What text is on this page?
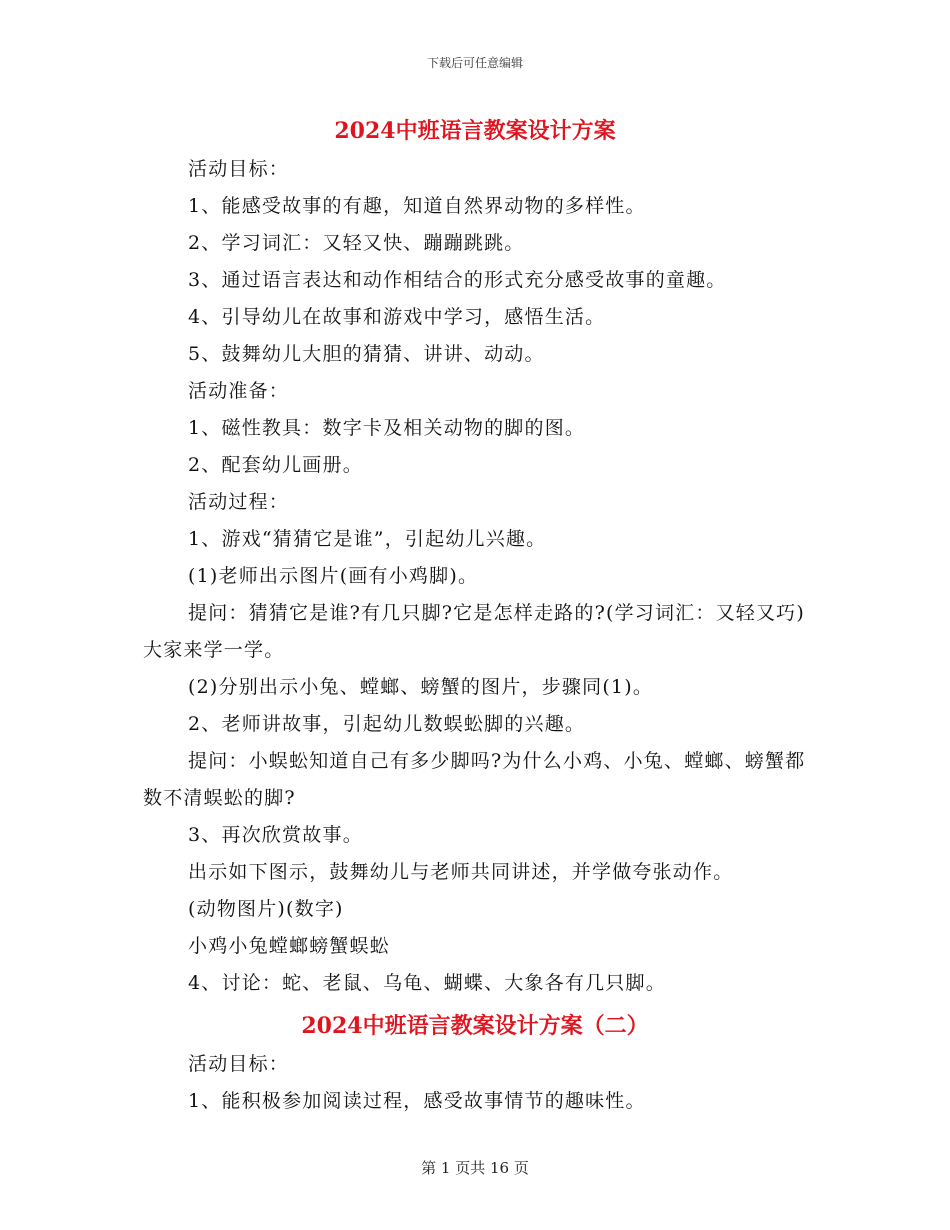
下载后可任意编辑
2024中班语言教案设计方案
活动目标：
1、能感受故事的有趣，知道自然界动物的多样性。
2、学习词汇：又轻又快、蹦蹦跳跳。
3、通过语言表达和动作相结合的形式充分感受故事的童趣。
4、引导幼儿在故事和游戏中学习，感悟生活。
5、鼓舞幼儿大胆的猜猜、讲讲、动动。
活动准备：
1、磁性教具：数字卡及相关动物的脚的图。
2、配套幼儿画册。
活动过程：
1、游戏“猜猜它是谁”，引起幼儿兴趣。
(1)老师出示图片(画有小鸡脚)。
提问：猜猜它是谁?有几只脚?它是怎样走路的?(学习词汇：又轻又巧)大家来学一学。
(2)分别出示小兔、螳螂、螃蟹的图片，步骤同(1)。
2、老师讲故事，引起幼儿数蜈蚣脚的兴趣。
提问：小蜈蚣知道自己有多少脚吗?为什么小鸡、小兔、螳螂、螃蟹都数不清蜈蚣的脚?
3、再次欣赏故事。
出示如下图示，鼓舞幼儿与老师共同讲述，并学做夸张动作。
(动物图片)(数字)
小鸡小兔螳螂螃蟹蜈蚣
4、讨论：蛇、老鼠、乌龟、蝴蝶、大象各有几只脚。
2024中班语言教案设计方案（二）
活动目标：
1、能积极参加阅读过程，感受故事情节的趣味性。
第 1 页共 16 页
